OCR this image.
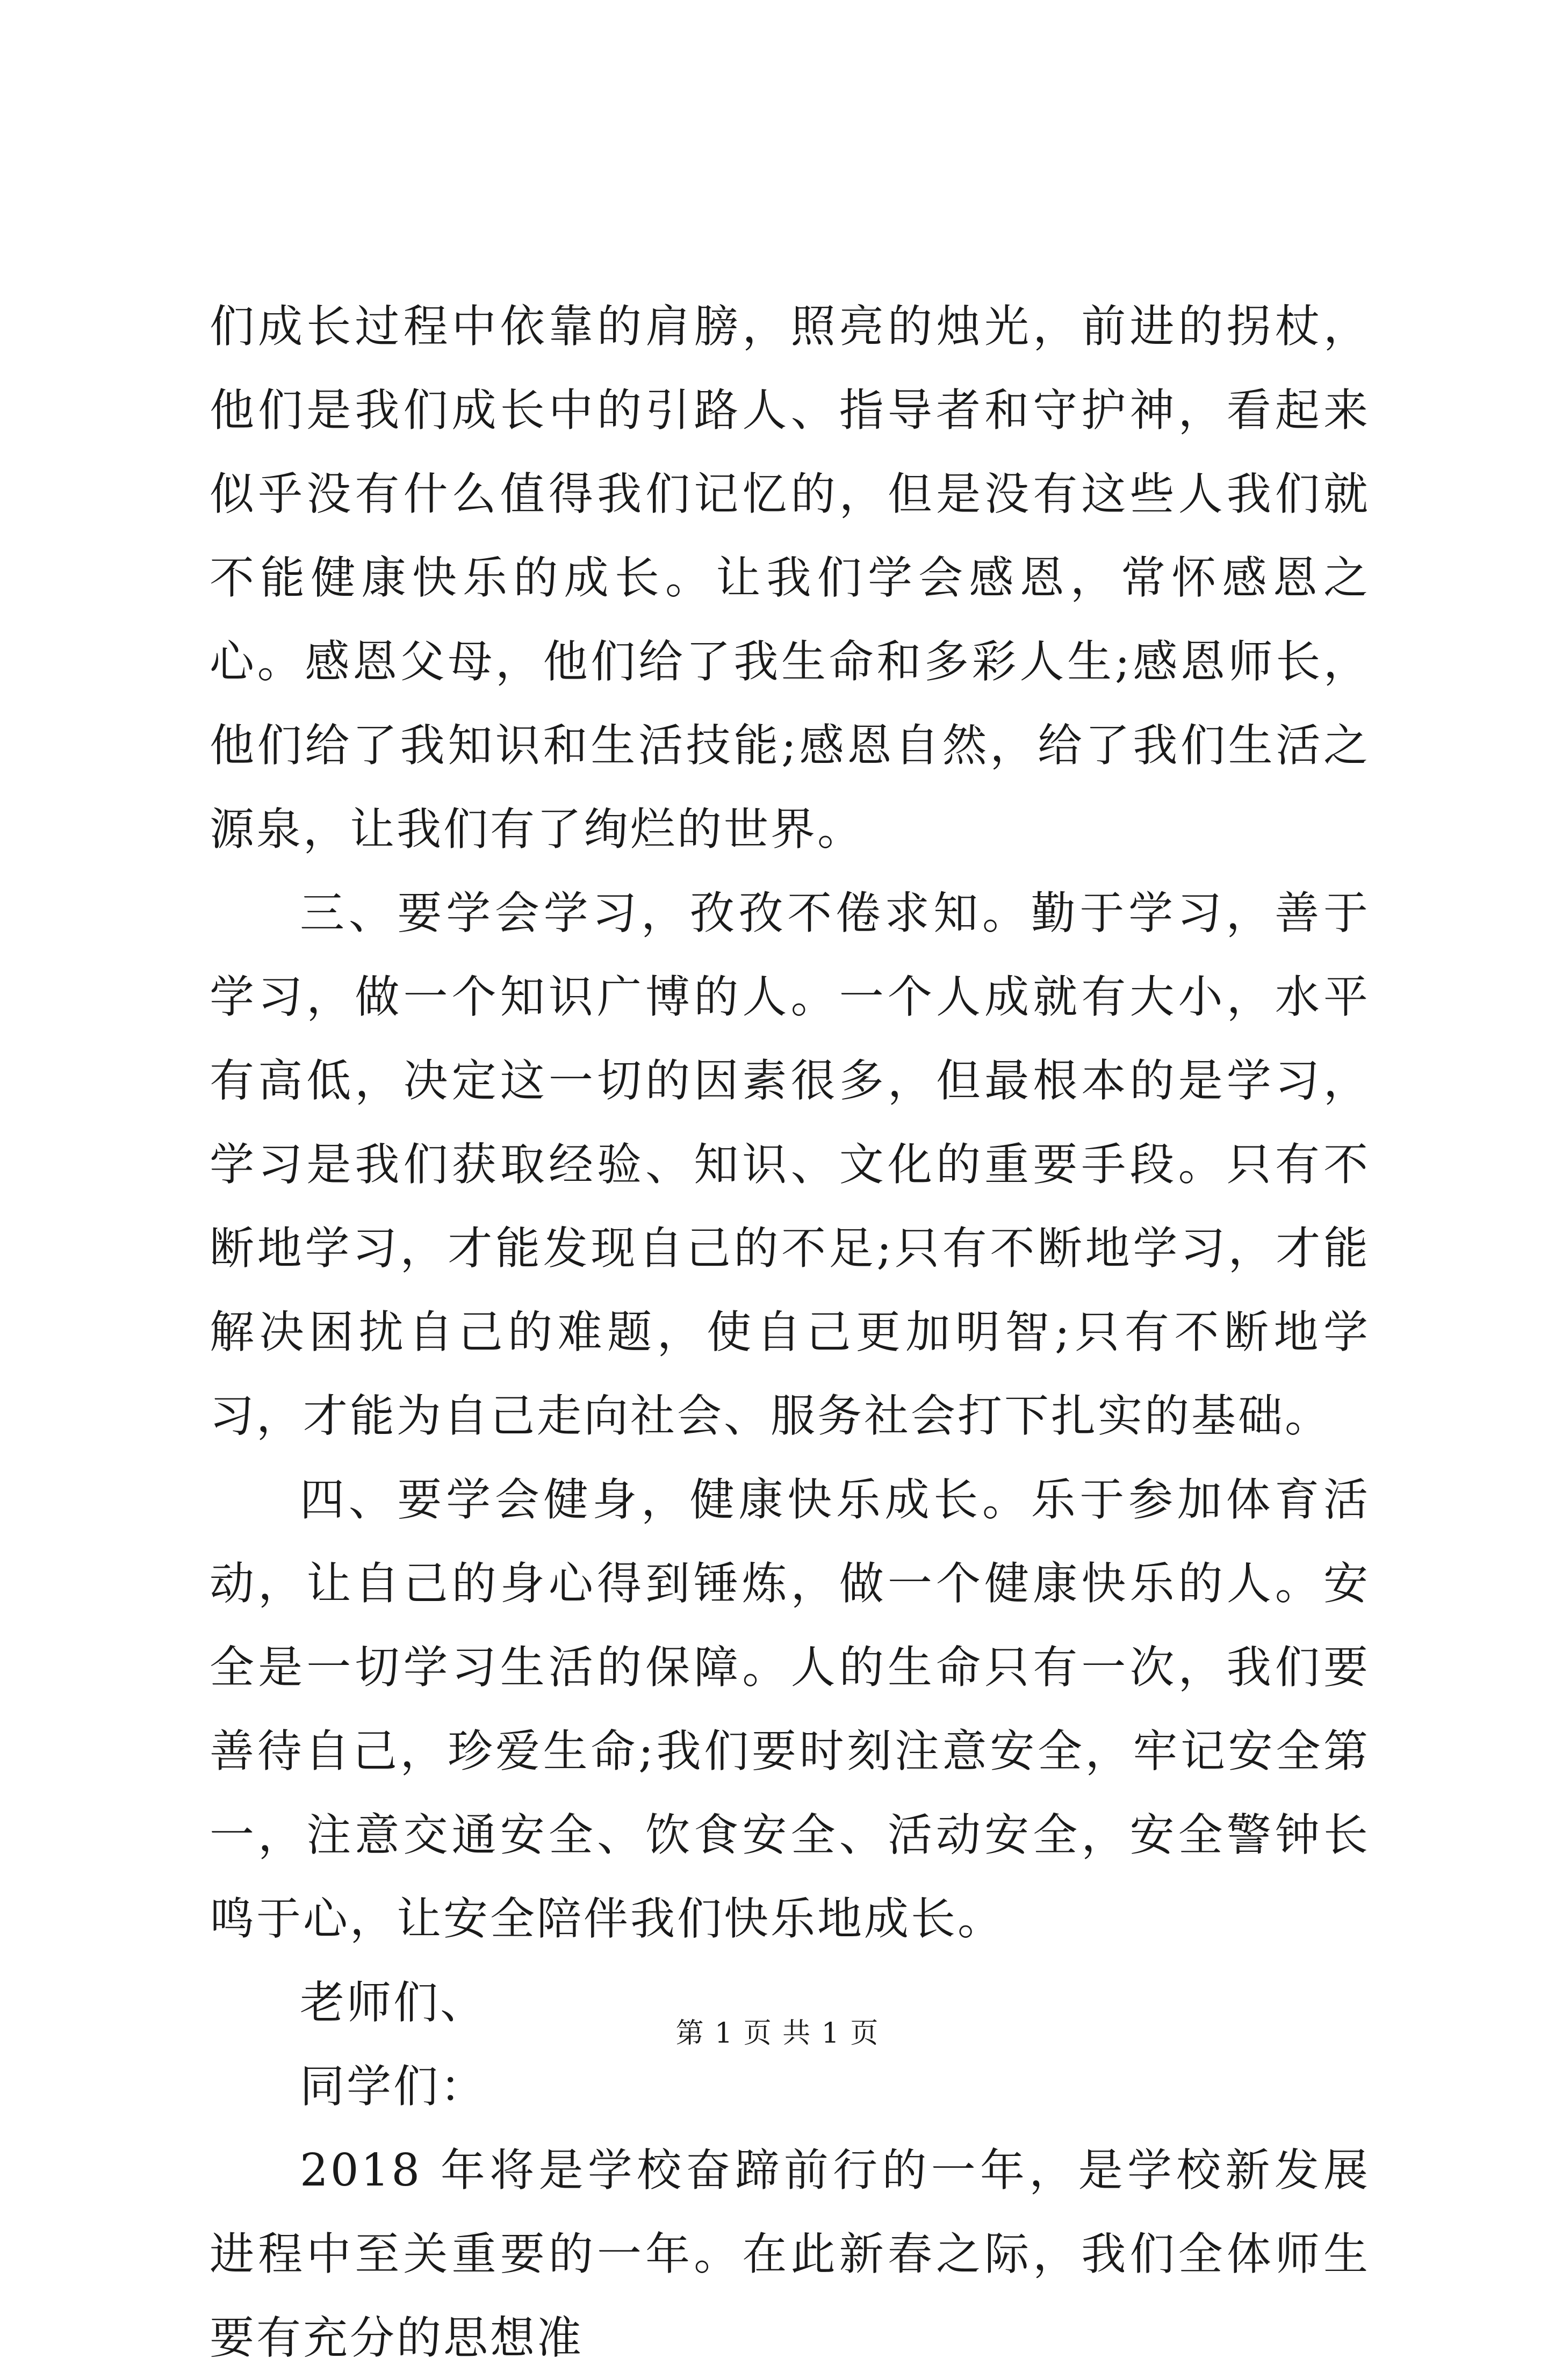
们成长过程中依靠的肩膀，照亮的烛光，前进的拐杖，他们是我们成长中的引路人、指导者和守护神，看起来似乎没有什么值得我们记忆的，但是没有这些人我们就不能健康快乐的成长。让我们学会感恩，常怀感恩之心。感恩父母，他们给了我生命和多彩人生;感恩师长，他们给了我知识和生活技能;感恩自然，给了我们生活之源泉，让我们有了绚烂的世界。

三、要学会学习，孜孜不倦求知。勤于学习，善于学习，做一个知识广博的人。一个人成就有大小，水平有高低，决定这一切的因素很多，但最根本的是学习，学习是我们获取经验、知识、文化的重要手段。只有不断地学习，才能发现自己的不足;只有不断地学习，才能解决困扰自己的难题，使自己更加明智;只有不断地学习，才能为自己走向社会、服务社会打下扎实的基础。

四、要学会健身，健康快乐成长。乐于参加体育活动，让自己的身心得到锤炼，做一个健康快乐的人。安全是一切学习生活的保障。人的生命只有一次，我们要善待自己，珍爱生命;我们要时刻注意安全，牢记安全第一，注意交通安全、饮食安全、活动安全，安全警钟长鸣于心，让安全陪伴我们快乐地成长。

老师们、

同学们：

2018 年将是学校奋蹄前行的一年，是学校新发展进程中至关重要的一年。在此新春之际，我们全体师生要有充分的思想准

第 1 页 共 1 页
